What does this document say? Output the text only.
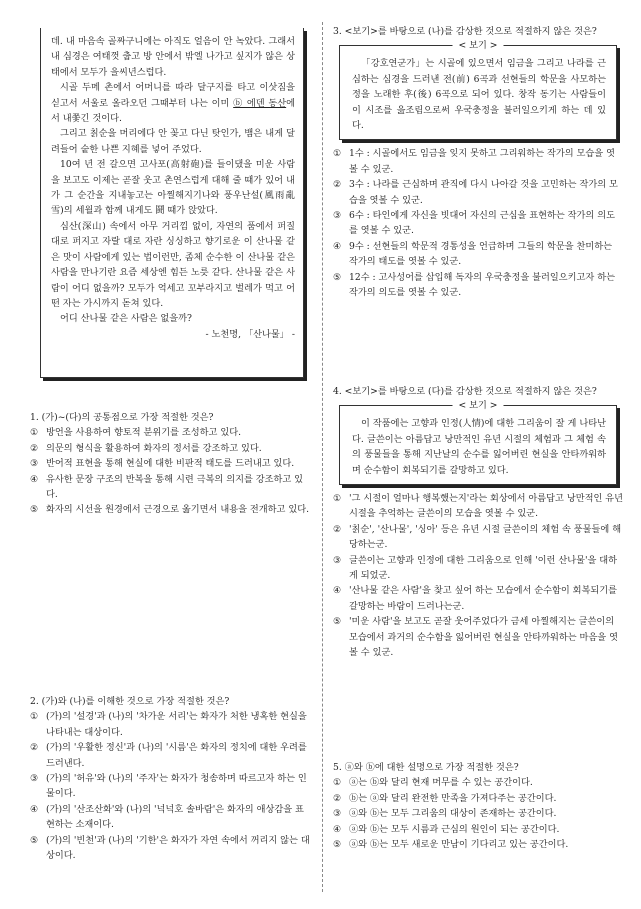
데. 내 마음속 골짜구니에는 아직도 얼음이 안 녹았다. 그래서 내 심경은 여태껏 춥고 방 안에서 밖엘 나가고 싶지가 않은 상태에서 모두가 을씨년스럽다.

시골 두메 촌에서 어머니를 따라 달구지를 타고 이삿짐을 싣고서 서울로 올라오던 그때부터 나는 이미 ⓑ 에덴 동산에서 내쫓긴 것이다.

그리고 칡순을 머리에다 안 꽂고 다닌 탓인가, 뱀은 내게 달려들어 숱한 나쁜 지혜를 넣어 주었다.

10여 년 전 갈으면 고사포(高射砲)를 들이댔을 미운 사람을 보고도 이제는 곧잘 웃고 촌연스럽게 대해 줄 때가 있어 내가 그 순간을 지내놓고는 아찔해지기나와 풍우난설(風雨亂雪)의 세월과 함께 내게도 鬪 때가 앉았다.

심산(深山) 속에서 아무 거리낌 없이, 자연의 품에서 퍼질 대로 퍼지고 자랄 대로 자란 싱싱하고 향기로운 이 산나물 같은 맛이 사람에게 있는 법이런만, 좀체 순수한 이 산나물 같은 사람을 만나기란 요즘 세상엔 힘든 노릇 같다. 산나물 같은 사람이 어디 없을까? 모두가 억세고 꼬부라지고 벌레가 먹고 어떤 자는 가시까지 돋쳐 있다.

어디 산나물 같은 사람은 없을까?

- 노천명, 「산나물」 -

1. (가)~(다)의 공통점으로 가장 적절한 것은?

① 방언을 사용하여 향토적 분위기를 조성하고 있다.
② 의문의 형식을 활용하여 화자의 정서를 강조하고 있다.
③ 반어적 표현을 통해 현실에 대한 비판적 태도를 드러내고 있다.
④ 유사한 문장 구조의 반복을 통해 시련 극복의 의지를 강조하고 있다.
⑤ 화자의 시선을 원경에서 근경으로 옮기면서 내용을 전개하고 있다.

2. (가)와 (나)를 이해한 것으로 가장 적절한 것은?

① (가)의 '설경'과 (나)의 '차가운 서리'는 화자가 처한 냉혹한 현실을 나타내는 대상이다.
② (가)의 '우활한 정신'과 (나)의 '시름'은 화자의 정치에 대한 우려를 드러낸다.
③ (가)의 '허유'와 (나)의 '주자'는 화자가 청송하며 따르고자 하는 인물이다.
④ (가)의 '산조산화'와 (나)의 '넉넉호 솔바람'은 화자의 애상감을 표현하는 소재이다.
⑤ (가)의 '빈천'과 (나)의 '기한'은 화자가 자연 속에서 꺼리지 않는 대상이다.

3. <보기>를 바탕으로 (나)를 감상한 것으로 적절하지 않은 것은?

< 보기 >

「강호연군가」는 시골에 있으면서 임금을 그리고 나라를 근심하는 심경을 드러낸 전(前) 6곡과 선현들의 학문을 사모하는 정을 노래한 후(後) 6곡으로 되어 있다. 창작 동기는 사람들이 이 시조를 읊조림으로써 우국충정을 불러일으키게 하는 데 있다.

① 1수 : 시골에서도 임금을 잊지 못하고 그리워하는 작가의 모습을 엿볼 수 있군.
② 3수 : 나라를 근심하며 관직에 다시 나아갈 것을 고민하는 작가의 모습을 엿볼 수 있군.
③ 6수 : 타인에게 자신을 빗대어 자신의 근심을 표현하는 작가의 의도를 엿볼 수 있군.
④ 9수 : 선현들의 학문적 경통성을 언급하며 그들의 학문을 찬미하는 작가의 태도를 엿볼 수 있군.
⑤ 12수 : 고사성어를 삽입해 독자의 우국충정을 불러일으키고자 하는 작가의 의도를 엿볼 수 있군.

4. <보기>를 바탕으로 (다)를 감상한 것으로 적절하지 않은 것은?

< 보기 >

이 작품에는 고향과 인정(人情)에 대한 그리움이 잘 게 나타난다. 글쓴이는 아름답고 낭만적인 유년 시절의 체험과 그 체험 속의 풍물들을 통해 지난날의 순수를 잃어버린 현실을 안타까워하며 순수함이 회복되기를 갈망하고 있다.

① '그 시절이 얼마나 행복했는지'라는 회상에서 아름답고 낭만적인 유년 시절을 추억하는 글쓴이의 모습을 엿볼 수 있군.
② '칡순', '산나물', '싱아' 등은 유년 시절 글쓴이의 체험 속 풍물들에 해당하는군.
③ 글쓴이는 고향과 인정에 대한 그리움으로 인해 '이런 산나물'을 대하게 되었군.
④ '산나물 같은 사람'을 찾고 싶어 하는 모습에서 순수함이 회복되기를 갈망하는 바람이 드러나는군.
⑤ '미운 사람'을 보고도 곧잘 웃어주었다가 금세 아찔해지는 글쓴이의 모습에서 과거의 순수함을 잃어버린 현실을 안타까워하는 마음을 엿볼 수 있군.

5. ⓐ와 ⓑ에 대한 설명으로 가장 적절한 것은?

① ⓐ는 ⓑ와 달리 현재 머무를 수 있는 공간이다.
② ⓑ는 ⓐ와 달리 완전한 만족을 가져다주는 공간이다.
③ ⓐ와 ⓑ는 모두 그리움의 대상이 존재하는 공간이다.
④ ⓐ와 ⓑ는 모두 시름과 근심의 원인이 되는 공간이다.
⑤ ⓐ와 ⓑ는 모두 새로운 만남이 기다리고 있는 공간이다.
